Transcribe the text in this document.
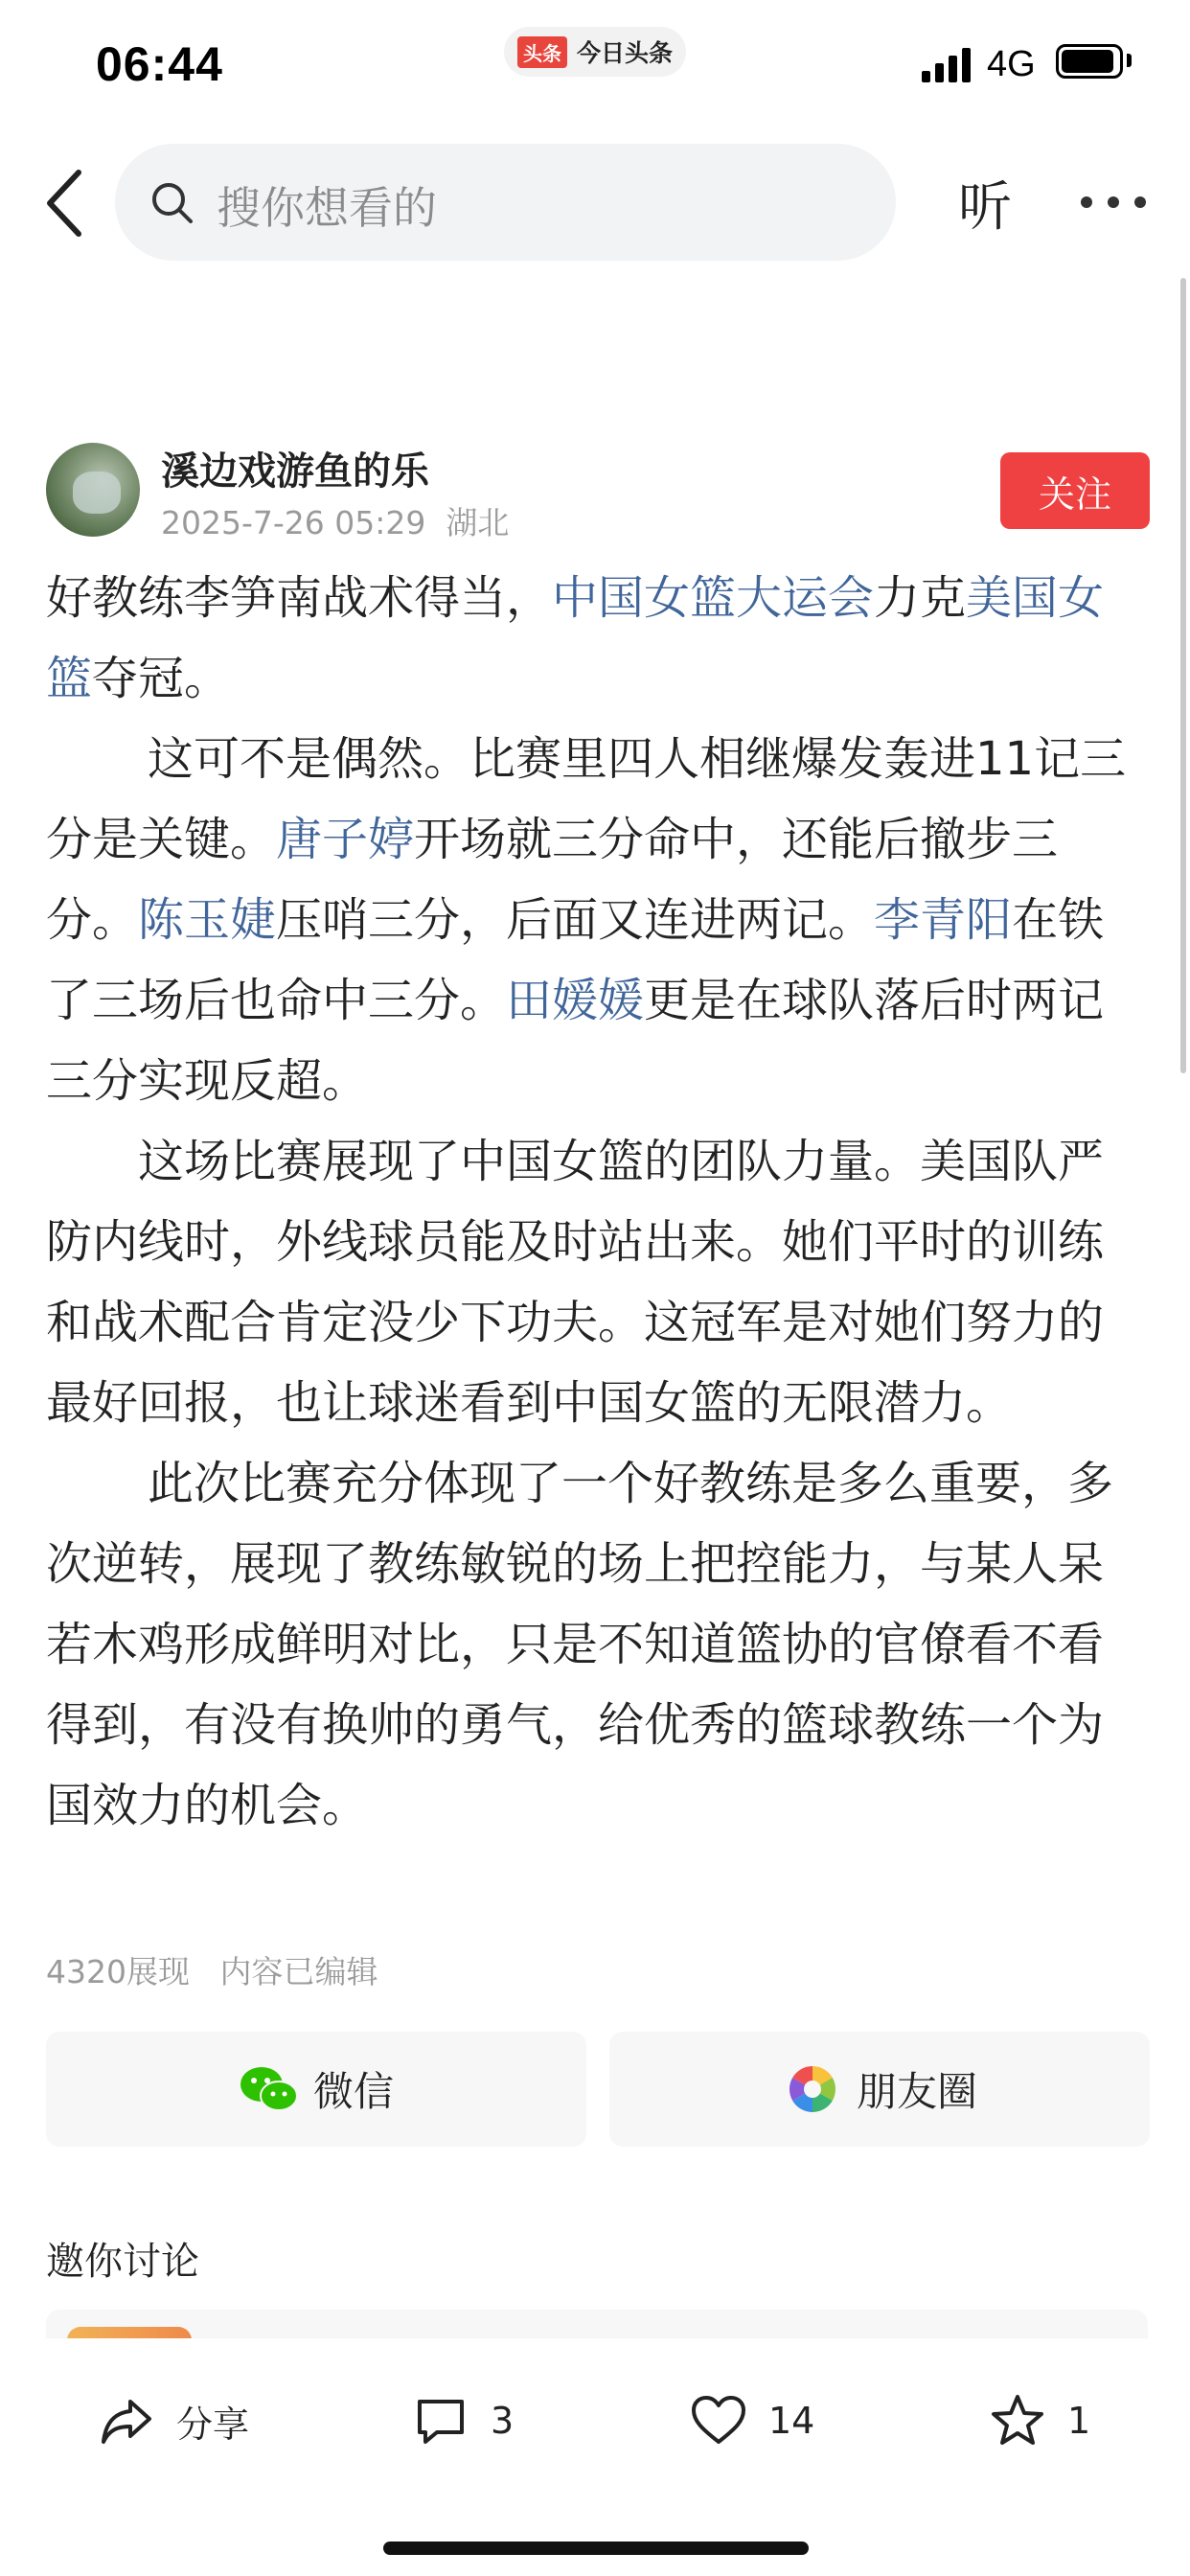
06:44	头条 今日头条	4G
搜你想看的	听
溪边戏游鱼的乐
2025-7-26 05:29 湖北
关注

好教练李笋南战术得当，中国女篮大运会力克美国女篮夺冠。

这可不是偶然。比赛里四人相继爆发轰进11记三分是关键。唐子婷开场就三分命中，还能后撤步三分。陈玉婕压哨三分，后面又连进两记。李青阳在铁了三场后也命中三分。田媛媛更是在球队落后时两记三分实现反超。

这场比赛展现了中国女篮的团队力量。美国队严防内线时，外线球员能及时站出来。她们平时的训练和战术配合肯定没少下功夫。这冠军是对她们努力的最好回报，也让球迷看到中国女篮的无限潜力。

此次比赛充分体现了一个好教练是多么重要，多次逆转，展现了教练敏锐的场上把控能力，与某人呆若木鸡形成鲜明对比，只是不知道篮协的官僚看不看得到，有没有换帅的勇气，给优秀的篮球教练一个为国效力的机会。

4320展现 内容已编辑
微信	朋友圈
邀你讨论
分享	3	14	1
